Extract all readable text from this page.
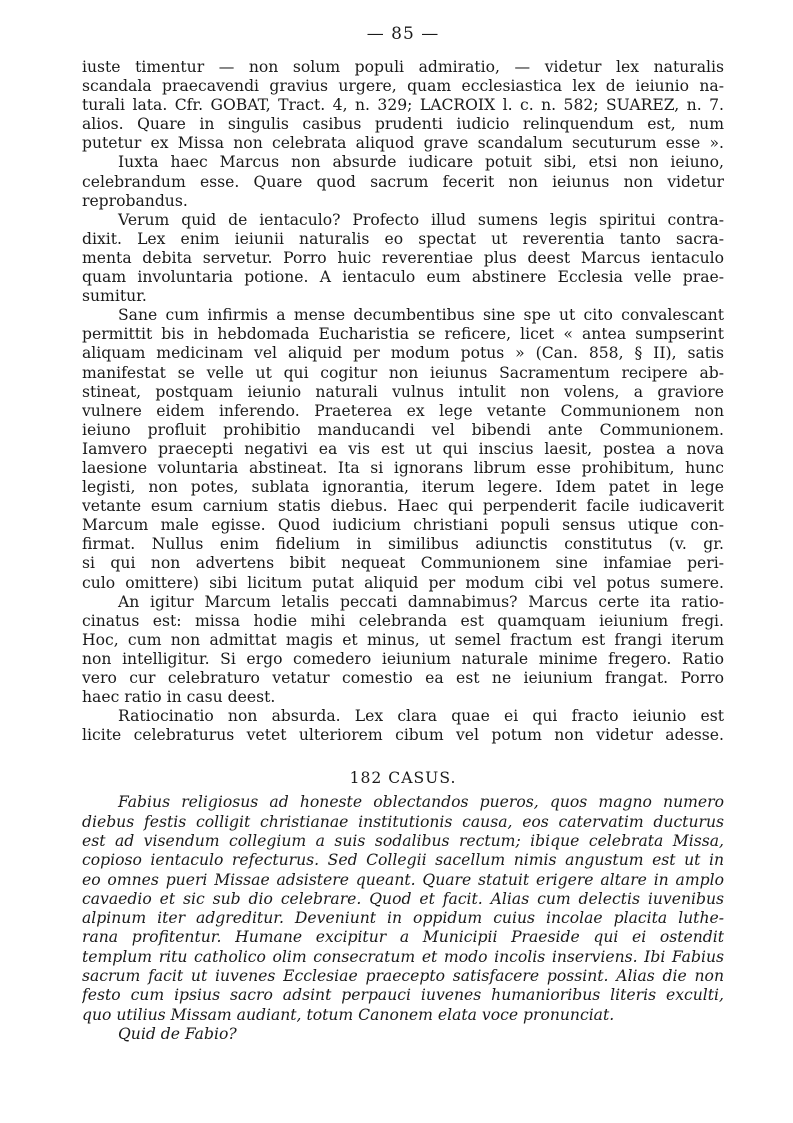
— 85 —
iuste timentur — non solum populi admiratio, — videtur lex naturalis
scandala praecavendi gravius urgere, quam ecclesiastica lex de ieiunio na-
turali lata. Cfr. GOBAT, Tract. 4, n. 329; LACROIX l. c. n. 582; SUAREZ, n. 7.
alios. Quare in singulis casibus prudenti iudicio relinquendum est, num
putetur ex Missa non celebrata aliquod grave scandalum secuturum esse ».
Iuxta haec Marcus non absurde iudicare potuit sibi, etsi non ieiuno,
celebrandum esse. Quare quod sacrum fecerit non ieiunus non videtur
reprobandus.
Verum quid de ientaculo? Profecto illud sumens legis spiritui contra-
dixit. Lex enim ieiunii naturalis eo spectat ut reverentia tanto sacra-
menta debita servetur. Porro huic reverentiae plus deest Marcus ientaculo
quam involuntaria potione. A ientaculo eum abstinere Ecclesia velle prae-
sumitur.
Sane cum infirmis a mense decumbentibus sine spe ut cito convalescant
permittit bis in hebdomada Eucharistia se reficere, licet « antea sumpserint
aliquam medicinam vel aliquid per modum potus » (Can. 858, § II), satis
manifestat se velle ut qui cogitur non ieiunus Sacramentum recipere ab-
stineat, postquam ieiunio naturali vulnus intulit non volens, a graviore
vulnere eidem inferendo. Praeterea ex lege vetante Communionem non
ieiuno profluit prohibitio manducandi vel bibendi ante Communionem.
Iamvero praecepti negativi ea vis est ut qui inscius laesit, postea a nova
laesione voluntaria abstineat. Ita si ignorans librum esse prohibitum, hunc
legisti, non potes, sublata ignorantia, iterum legere. Idem patet in lege
vetante esum carnium statis diebus. Haec qui perpenderit facile iudicaverit
Marcum male egisse. Quod iudicium christiani populi sensus utique con-
firmat. Nullus enim fidelium in similibus adiunctis constitutus (v. gr.
si qui non advertens bibit nequeat Communionem sine infamiae peri-
culo omittere) sibi licitum putat aliquid per modum cibi vel potus sumere.
An igitur Marcum letalis peccati damnabimus? Marcus certe ita ratio-
cinatus est: missa hodie mihi celebranda est quamquam ieiunium fregi.
Hoc, cum non admittat magis et minus, ut semel fractum est frangi iterum
non intelligitur. Si ergo comedero ieiunium naturale minime fregero. Ratio
vero cur celebraturo vetatur comestio ea est ne ieiunium frangat. Porro
haec ratio in casu deest.
Ratiocinatio non absurda. Lex clara quae ei qui fracto ieiunio est
licite celebraturus vetet ulteriorem cibum vel potum non videtur adesse.
182 CASUS.
Fabius religiosus ad honeste oblectandos pueros, quos magno numero
diebus festis colligit christianae institutionis causa, eos catervatim ducturus
est ad visendum collegium a suis sodalibus rectum; ibique celebrata Missa,
copioso ientaculo refecturus. Sed Collegii sacellum nimis angustum est ut in
eo omnes pueri Missae adsistere queant. Quare statuit erigere altare in amplo
cavaedio et sic sub dio celebrare. Quod et facit. Alias cum delectis iuvenibus
alpinum iter adgreditur. Deveniunt in oppidum cuius incolae placita luthe-
rana profitentur. Humane excipitur a Municipii Praeside qui ei ostendit
templum ritu catholico olim consecratum et modo incolis inserviens. Ibi Fabius
sacrum facit ut iuvenes Ecclesiae praecepto satisfacere possint. Alias die non
festo cum ipsius sacro adsint perpauci iuvenes humanioribus literis exculti,
quo utilius Missam audiant, totum Canonem elata voce pronunciat.
Quid de Fabio?
